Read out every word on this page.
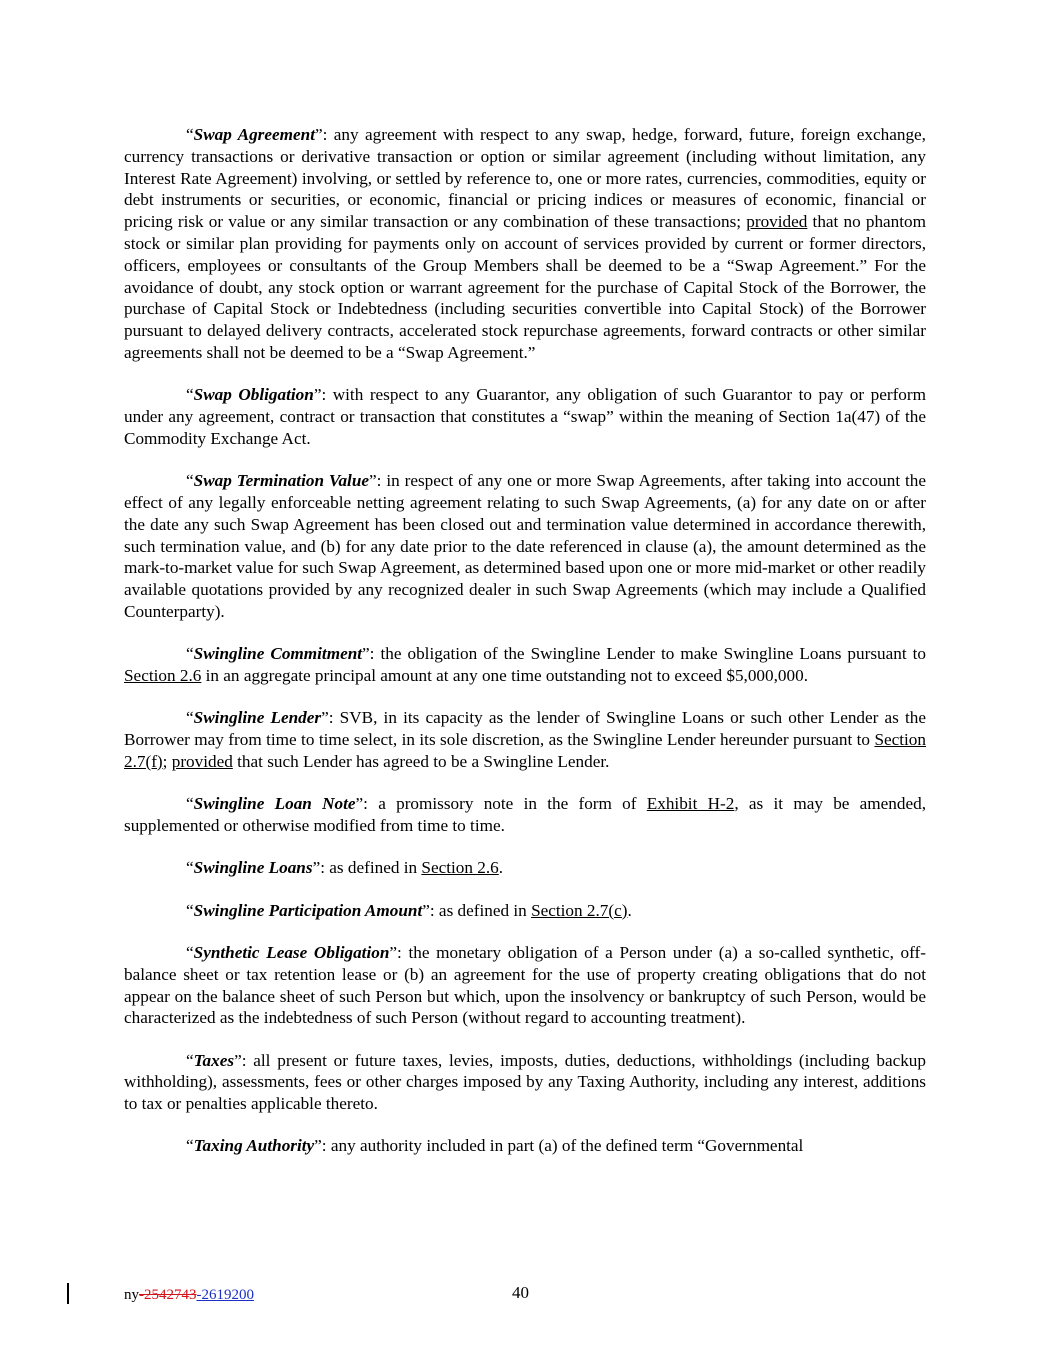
“Swap Agreement”: any agreement with respect to any swap, hedge, forward, future, foreign exchange, currency transactions or derivative transaction or option or similar agreement (including without limitation, any Interest Rate Agreement) involving, or settled by reference to, one or more rates, currencies, commodities, equity or debt instruments or securities, or economic, financial or pricing indices or measures of economic, financial or pricing risk or value or any similar transaction or any combination of these transactions; provided that no phantom stock or similar plan providing for payments only on account of services provided by current or former directors, officers, employees or consultants of the Group Members shall be deemed to be a “Swap Agreement.” For the avoidance of doubt, any stock option or warrant agreement for the purchase of Capital Stock of the Borrower, the purchase of Capital Stock or Indebtedness (including securities convertible into Capital Stock) of the Borrower pursuant to delayed delivery contracts, accelerated stock repurchase agreements, forward contracts or other similar agreements shall not be deemed to be a “Swap Agreement.”

“Swap Obligation”: with respect to any Guarantor, any obligation of such Guarantor to pay or perform under any agreement, contract or transaction that constitutes a “swap” within the meaning of Section 1a(47) of the Commodity Exchange Act.

“Swap Termination Value”: in respect of any one or more Swap Agreements, after taking into account the effect of any legally enforceable netting agreement relating to such Swap Agreements, (a) for any date on or after the date any such Swap Agreement has been closed out and termination value determined in accordance therewith, such termination value, and (b) for any date prior to the date referenced in clause (a), the amount determined as the mark-to-market value for such Swap Agreement, as determined based upon one or more mid-market or other readily available quotations provided by any recognized dealer in such Swap Agreements (which may include a Qualified Counterparty).

“Swingline Commitment”: the obligation of the Swingline Lender to make Swingline Loans pursuant to Section 2.6 in an aggregate principal amount at any one time outstanding not to exceed $5,000,000.

“Swingline Lender”: SVB, in its capacity as the lender of Swingline Loans or such other Lender as the Borrower may from time to time select, in its sole discretion, as the Swingline Lender hereunder pursuant to Section 2.7(f); provided that such Lender has agreed to be a Swingline Lender.

“Swingline Loan Note”: a promissory note in the form of Exhibit H-2, as it may be amended, supplemented or otherwise modified from time to time.

“Swingline Loans”: as defined in Section 2.6.

“Swingline Participation Amount”: as defined in Section 2.7(c).

“Synthetic Lease Obligation”: the monetary obligation of a Person under (a) a so-called synthetic, off-balance sheet or tax retention lease or (b) an agreement for the use of property creating obligations that do not appear on the balance sheet of such Person but which, upon the insolvency or bankruptcy of such Person, would be characterized as the indebtedness of such Person (without regard to accounting treatment).

“Taxes”: all present or future taxes, levies, imposts, duties, deductions, withholdings (including backup withholding), assessments, fees or other charges imposed by any Taxing Authority, including any interest, additions to tax or penalties applicable thereto.

“Taxing Authority”: any authority included in part (a) of the defined term “Governmental

ny-2542743-2619200	40
